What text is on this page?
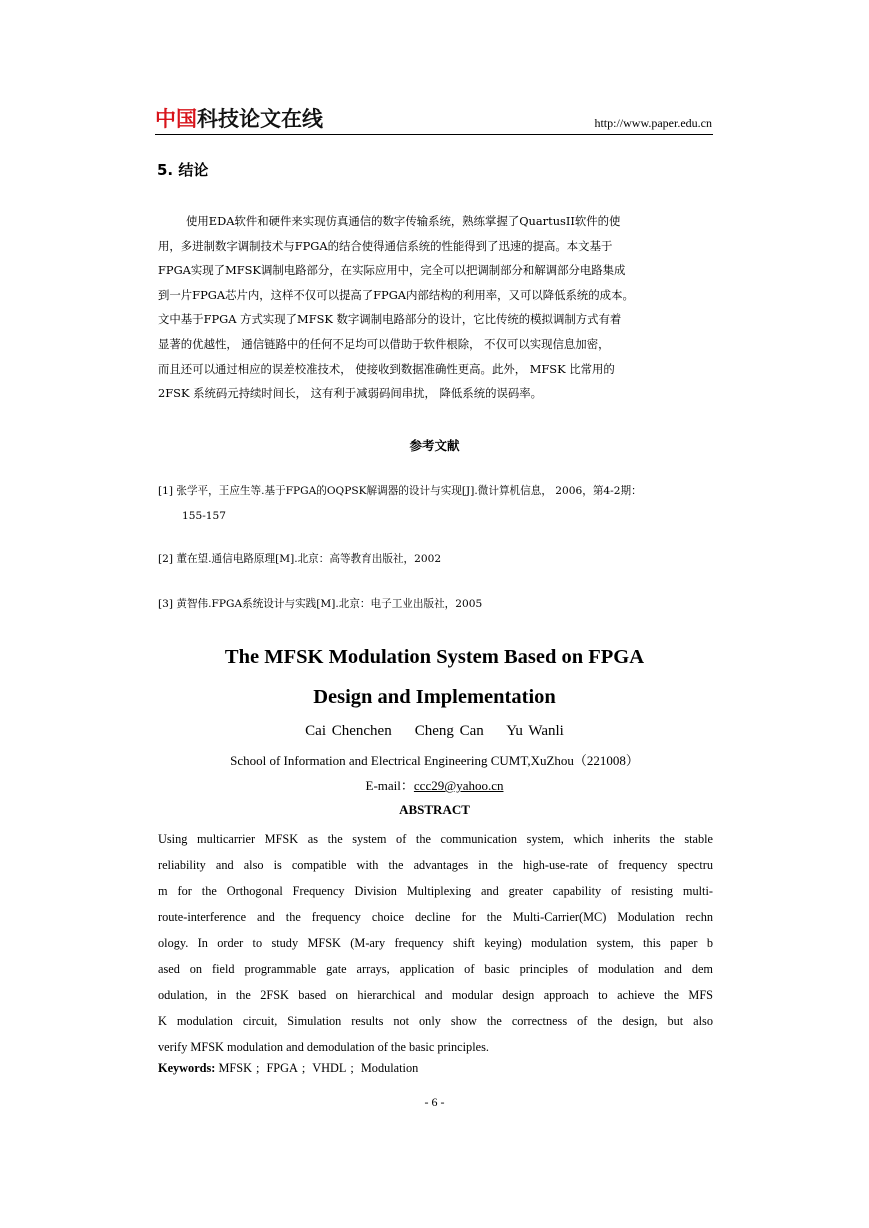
中国科技论文在线	http://www.paper.edu.cn
5. 结论
使用EDA软件和硬件来实现仿真通信的数字传输系统，熟练掌握了QuartusII软件的使
用，多进制数字调制技术与FPGA的结合使得通信系统的性能得到了迅速的提高。本文基于
FPGA实现了MFSK调制电路部分，在实际应用中，完全可以把调制部分和解调部分电路集成
到一片FPGA芯片内，这样不仅可以提高了FPGA内部结构的利用率，又可以降低系统的成本。
文中基于FPGA 方式实现了MFSK 数字调制电路部分的设计，它比传统的模拟调制方式有着
显著的优越性， 通信链路中的任何不足均可以借助于软件根除， 不仅可以实现信息加密，
而且还可以通过相应的误差校准技术， 使接收到数据准确性更高。此外， MFSK 比常用的
2FSK 系统码元持续时间长， 这有利于减弱码间串扰， 降低系统的误码率。
参考文献
[1] 张学平，王应生等.基于FPGA的OQPSK解调器的设计与实现[J].微计算机信息， 2006，第4-2期：
155-157
[2] 董在望.通信电路原理[M].北京：高等教育出版社，2002
[3] 黄智伟.FPGA系统设计与实践[M].北京：电子工业出版社，2005
The MFSK Modulation System Based on FPGA
Design and Implementation
Cai Chenchen    Cheng Can    Yu Wanli
School of Information and Electrical Engineering CUMT,XuZhou（221008）
E-mail：ccc29@yahoo.cn
ABSTRACT
Using multicarrier MFSK as the system of the communication system, which inherits the stable
reliability and also is compatible with the advantages in the high-use-rate of frequency spectru
m for the Orthogonal Frequency Division Multiplexing and greater capability of resisting multi-
route-interference and the frequency choice decline for the Multi-Carrier(MC) Modulation rechn
ology. In order to study MFSK (M-ary frequency shift keying) modulation system, this paper b
ased on field programmable gate arrays, application of basic principles of modulation and dem
odulation, in the 2FSK based on hierarchical and modular design approach to achieve the MFS
K modulation circuit, Simulation results not only show the correctness of the design, but also
verify MFSK modulation and demodulation of the basic principles.
Keywords: MFSK ; FPGA ; VHDL ; Modulation
- 6 -
